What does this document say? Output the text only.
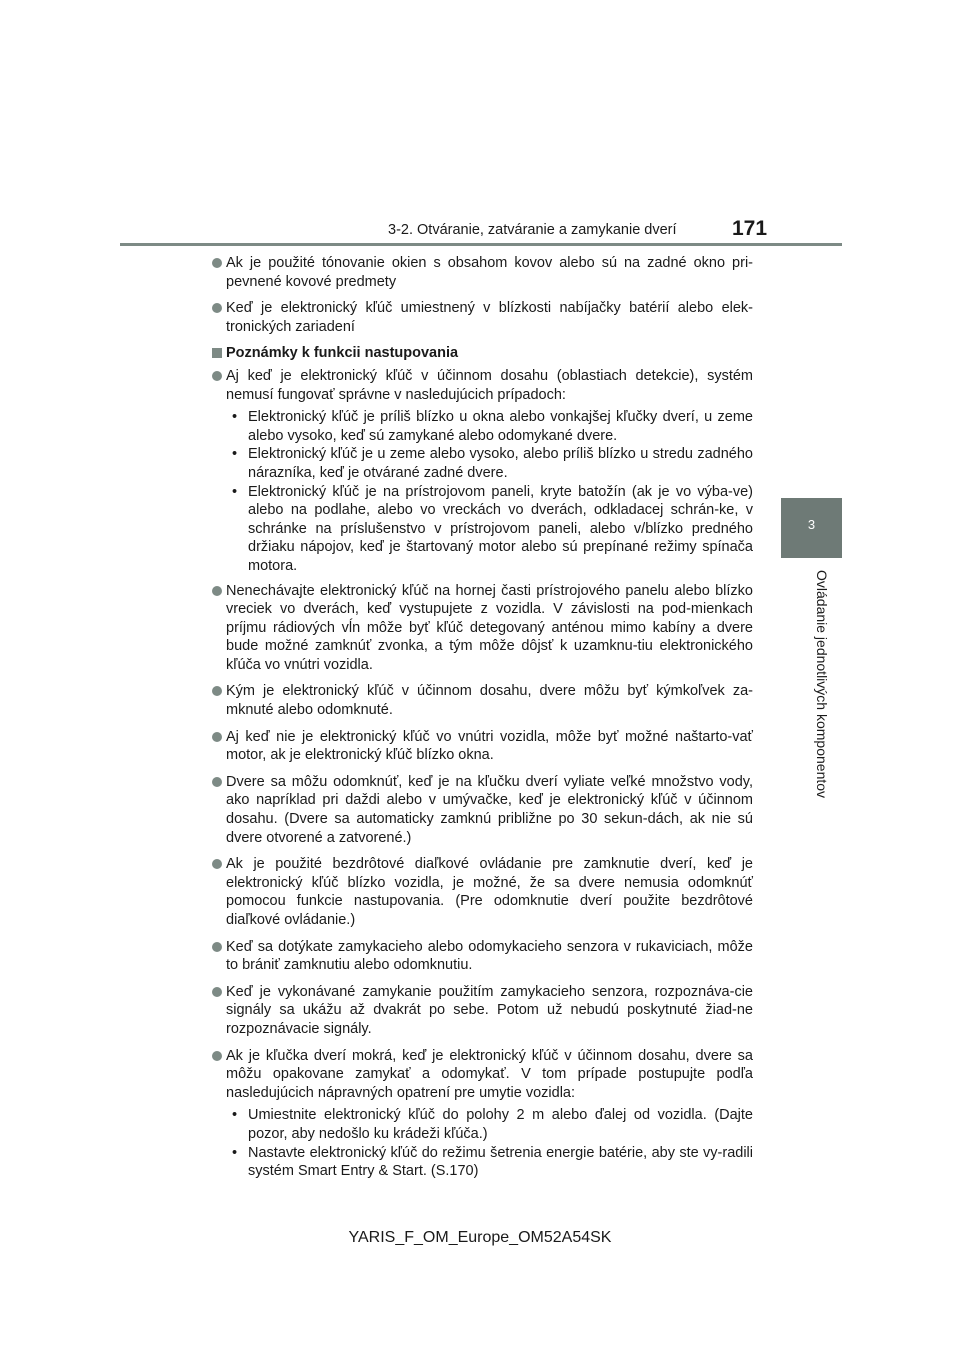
3-2. Otváranie, zatváranie a zamykanie dverí	171
3
Ovládanie jednotlivých komponentov
Ak je použité tónovanie okien s obsahom kovov alebo sú na zadné okno pri-pevnené kovové predmety
Keď je elektronický kľúč umiestnený v blízkosti nabíjačky batérií alebo elek-tronických zariadení
Poznámky k funkcii nastupovania
Aj keď je elektronický kľúč v účinnom dosahu (oblastiach detekcie), systém nemusí fungovať správne v nasledujúcich prípadoch:
• Elektronický kľúč je príliš blízko u okna alebo vonkajšej kľučky dverí, u zeme alebo vysoko, keď sú zamykané alebo odomykané dvere.
• Elektronický kľúč je u zeme alebo vysoko, alebo príliš blízko u stredu zadného nárazníka, keď je otvárané zadné dvere.
• Elektronický kľúč je na prístrojovom paneli, kryte batožín (ak je vo výba-ve) alebo na podlahe, alebo vo vreckách vo dverách, odkladacej schrán-ke, v schránke na príslušenstvo v prístrojovom paneli, alebo v/blízko predného držiaku nápojov, keď je štartovaný motor alebo sú prepínané režimy spínača motora.
Nenechávajte elektronický kľúč na hornej časti prístrojového panelu alebo blízko vreciek vo dverách, keď vystupujete z vozidla. V závislosti na pod-mienkach príjmu rádiových vĺn môže byť kľúč detegovaný anténou mimo kabíny a dvere bude možné zamknúť zvonka, a tým môže dôjsť k uzamknu-tiu elektronického kľúča vo vnútri vozidla.
Kým je elektronický kľúč v účinnom dosahu, dvere môžu byť kýmkoľvek za-mknuté alebo odomknuté.
Aj keď nie je elektronický kľúč vo vnútri vozidla, môže byť možné naštarto-vať motor, ak je elektronický kľúč blízko okna.
Dvere sa môžu odomknúť, keď je na kľučku dverí vyliate veľké množstvo vody, ako napríklad pri daždi alebo v umývačke, keď je elektronický kľúč v účinnom dosahu. (Dvere sa automaticky zamknú približne po 30 sekun-dách, ak nie sú dvere otvorené a zatvorené.)
Ak je použité bezdrôtové diaľkové ovládanie pre zamknutie dverí, keď je elektronický kľúč blízko vozidla, je možné, že sa dvere nemusia odomknúť pomocou funkcie nastupovania. (Pre odomknutie dverí použite bezdrôtové diaľkové ovládanie.)
Keď sa dotýkate zamykacieho alebo odomykacieho senzora v rukaviciach, môže to brániť zamknutiu alebo odomknutiu.
Keď je vykonávané zamykanie použitím zamykacieho senzora, rozpoznáva-cie signály sa ukážu až dvakrát po sebe. Potom už nebudú poskytnuté žiad-ne rozpoznávacie signály.
Ak je kľučka dverí mokrá, keď je elektronický kľúč v účinnom dosahu, dvere sa môžu opakovane zamykať a odomykať. V tom prípade postupujte podľa nasledujúcich nápravných opatrení pre umytie vozidla:
• Umiestnite elektronický kľúč do polohy 2 m alebo ďalej od vozidla. (Dajte pozor, aby nedošlo ku krádeži kľúča.)
• Nastavte elektronický kľúč do režimu šetrenia energie batérie, aby ste vy-radili systém Smart Entry & Start. (S.170)
YARIS_F_OM_Europe_OM52A54SK
